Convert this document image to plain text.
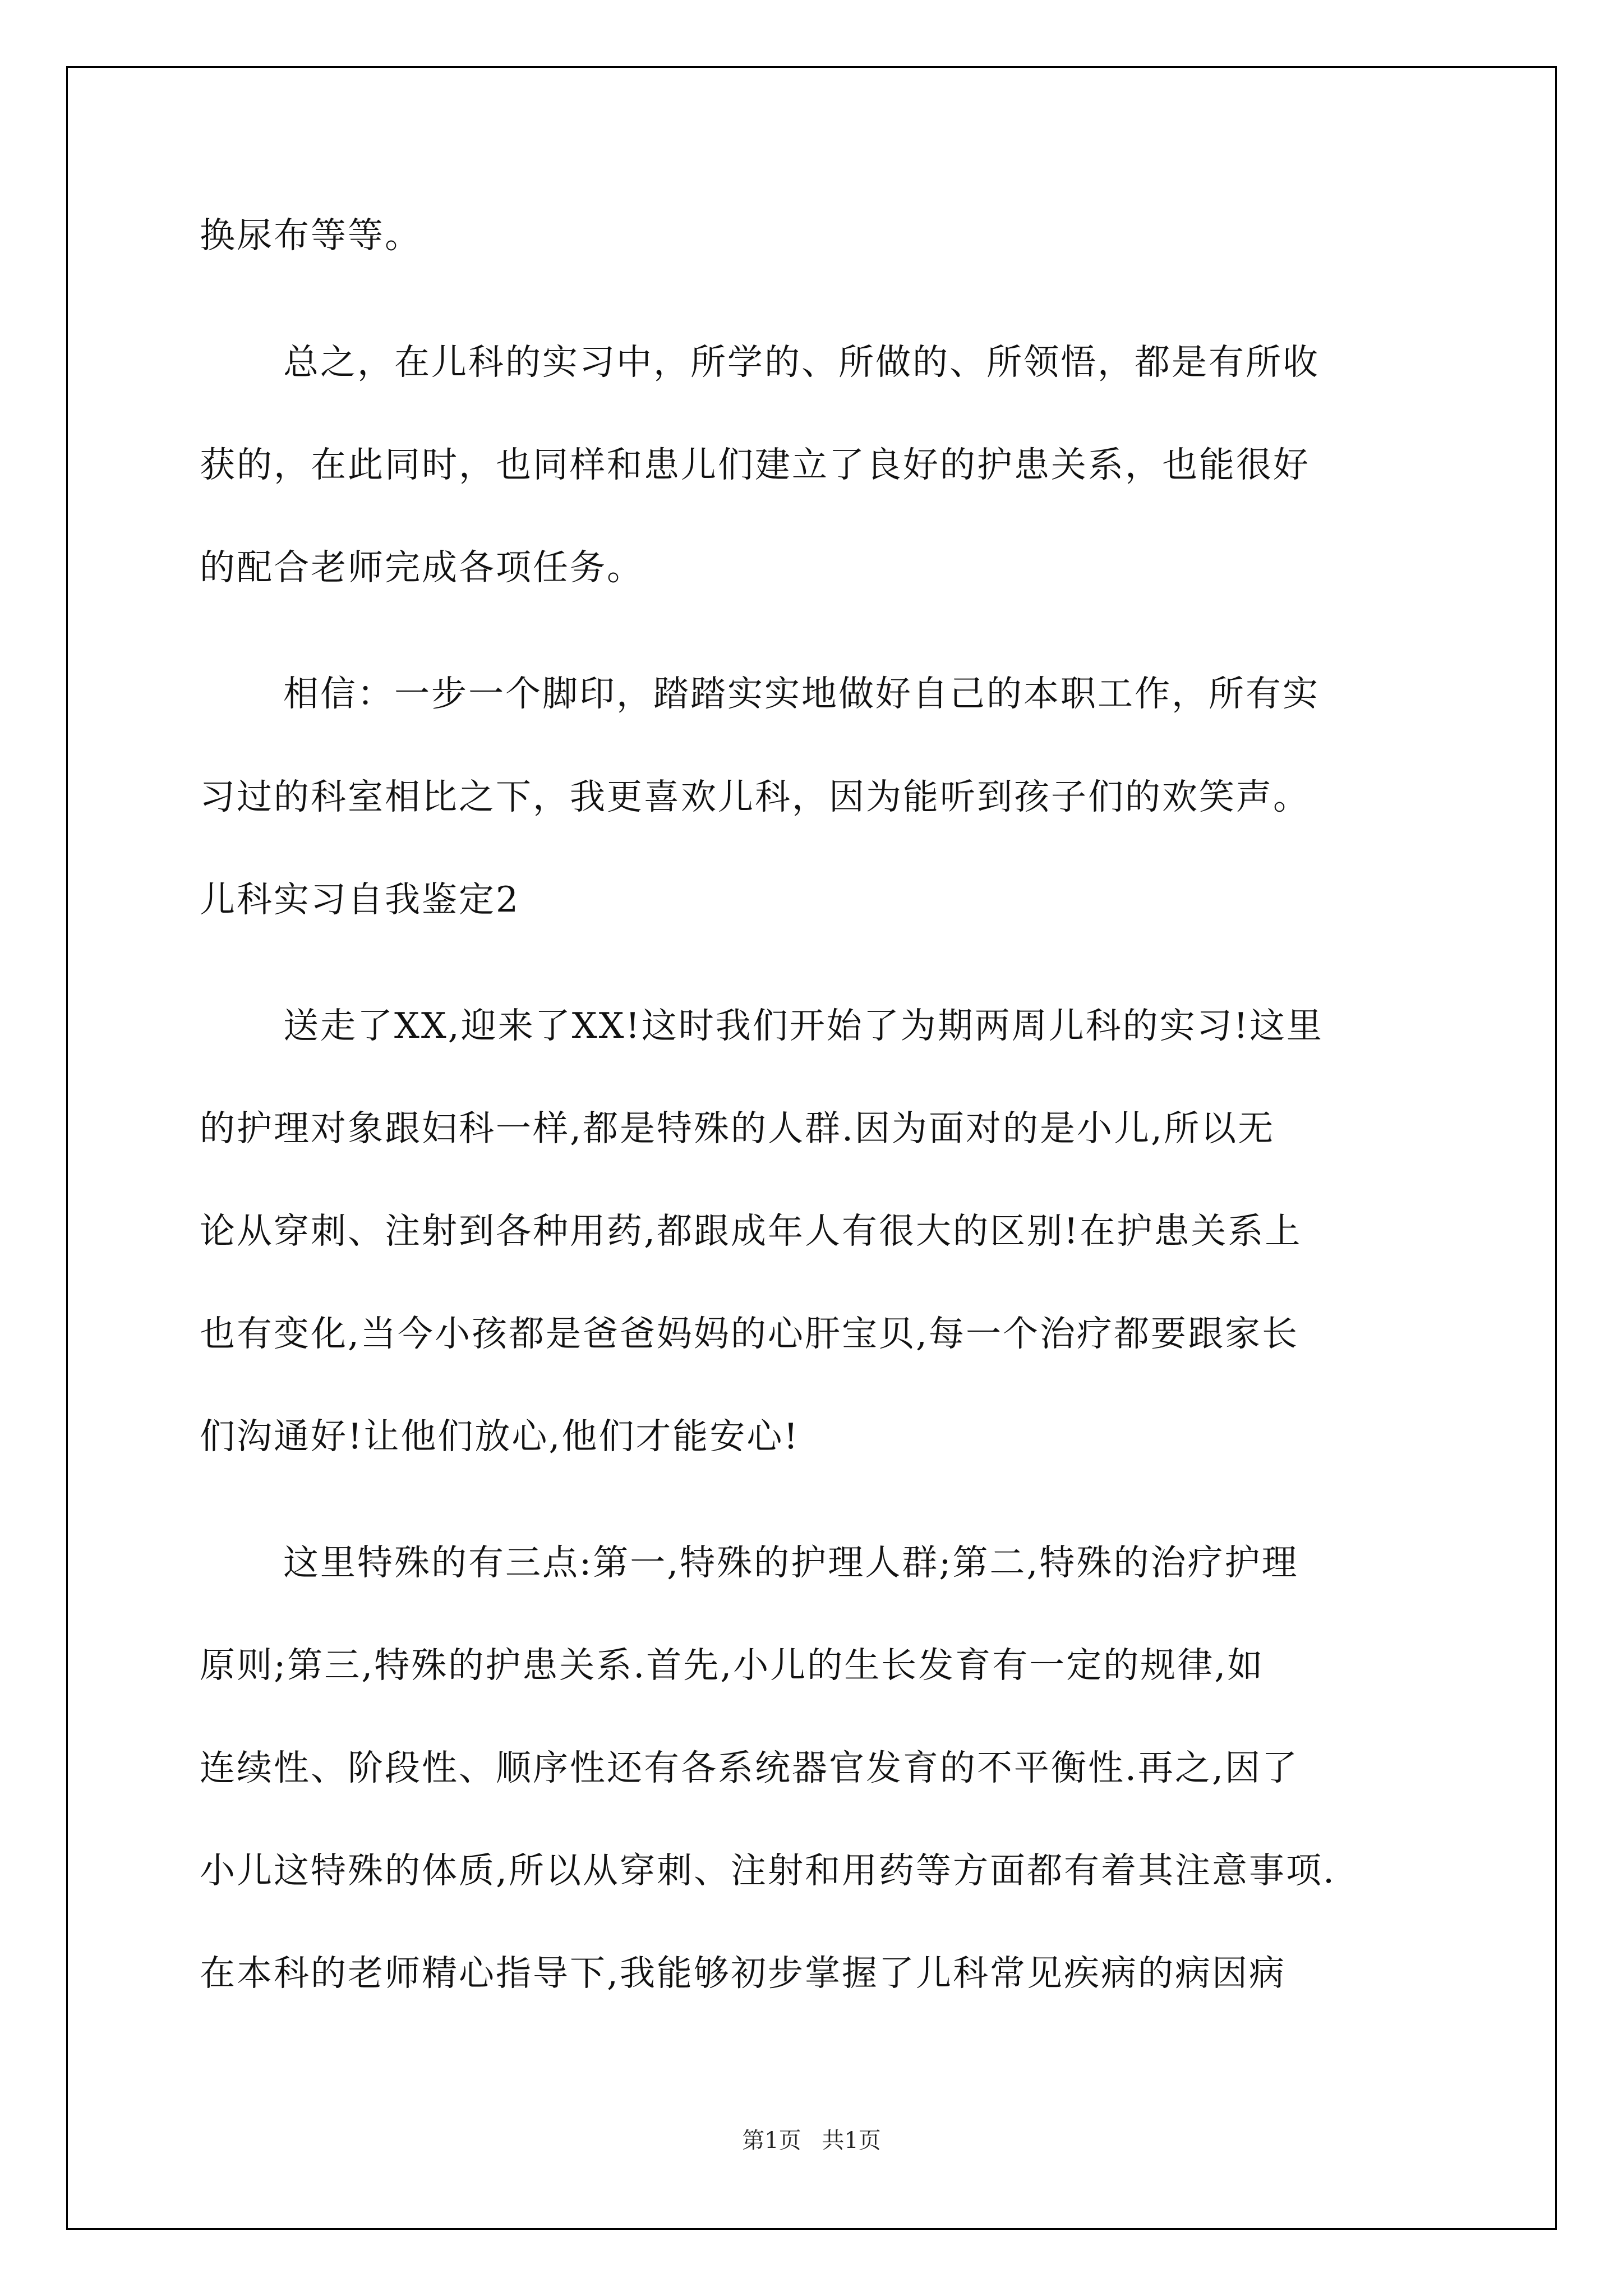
换尿布等等。
总之，在儿科的实习中，所学的、所做的、所领悟，都是有所收
获的，在此同时，也同样和患儿们建立了良好的护患关系，也能很好
的配合老师完成各项任务。
相信：一步一个脚印，踏踏实实地做好自己的本职工作，所有实
习过的科室相比之下，我更喜欢儿科，因为能听到孩子们的欢笑声。
儿科实习自我鉴定2
送走了XX,迎来了XX!这时我们开始了为期两周儿科的实习!这里
的护理对象跟妇科一样,都是特殊的人群.因为面对的是小儿,所以无
论从穿刺、注射到各种用药,都跟成年人有很大的区别!在护患关系上
也有变化,当今小孩都是爸爸妈妈的心肝宝贝,每一个治疗都要跟家长
们沟通好!让他们放心,他们才能安心!
这里特殊的有三点:第一,特殊的护理人群;第二,特殊的治疗护理
原则;第三,特殊的护患关系.首先,小儿的生长发育有一定的规律,如
连续性、阶段性、顺序性还有各系统器官发育的不平衡性.再之,因了
小儿这特殊的体质,所以从穿刺、注射和用药等方面都有着其注意事项.
在本科的老师精心指导下,我能够初步掌握了儿科常见疾病的病因病
第1页 共1页
